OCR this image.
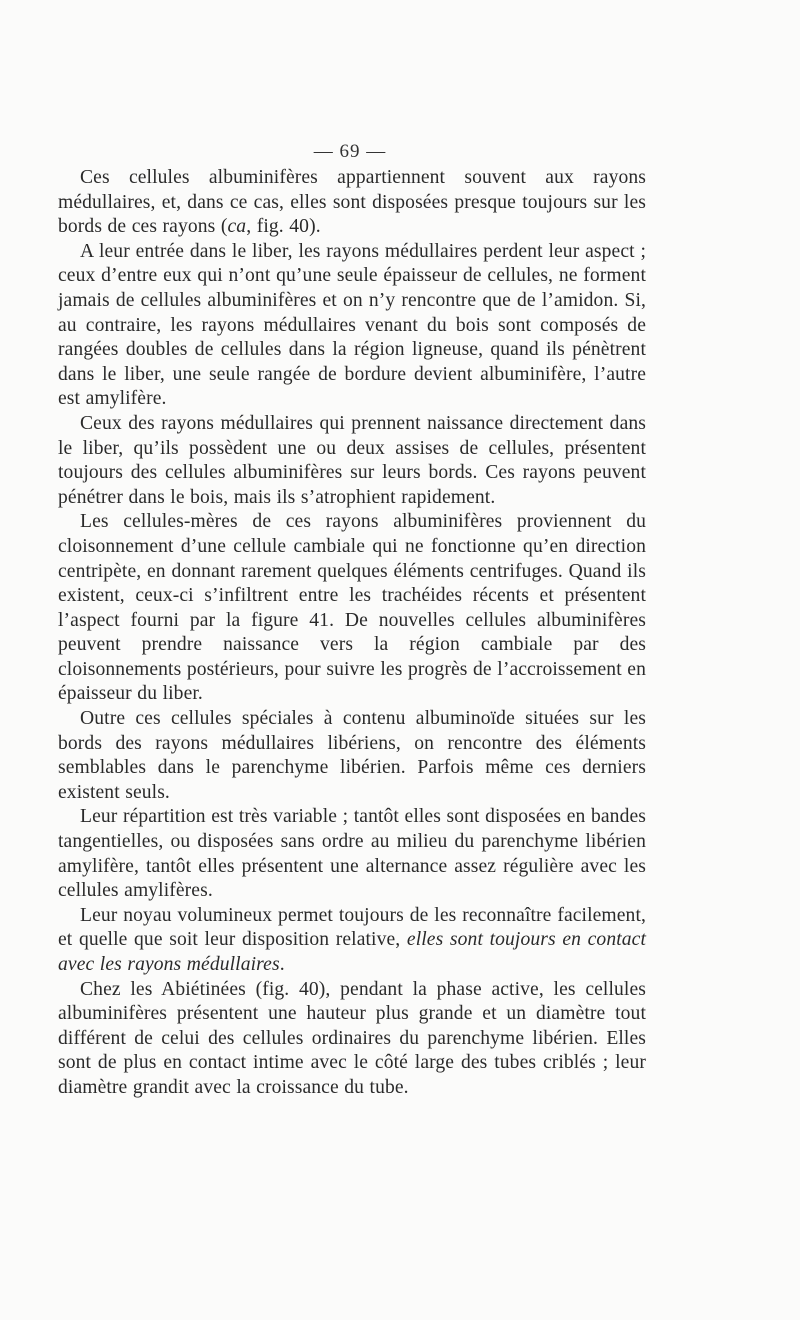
— 69 —

Ces cellules albuminifères appartiennent souvent aux rayons médullaires, et, dans ce cas, elles sont disposées presque toujours sur les bords de ces rayons (ca, fig. 40).

A leur entrée dans le liber, les rayons médullaires perdent leur aspect ; ceux d’entre eux qui n’ont qu’une seule épaisseur de cellules, ne forment jamais de cellules albuminifères et on n’y rencontre que de l’amidon. Si, au contraire, les rayons médullaires venant du bois sont composés de rangées doubles de cellules dans la région ligneuse, quand ils pénètrent dans le liber, une seule rangée de bordure devient albuminifère, l’autre est amylifère.

Ceux des rayons médullaires qui prennent naissance directement dans le liber, qu’ils possèdent une ou deux assises de cellules, présentent toujours des cellules albuminifères sur leurs bords. Ces rayons peuvent pénétrer dans le bois, mais ils s’atrophient rapidement.

Les cellules-mères de ces rayons albuminifères proviennent du cloisonnement d’une cellule cambiale qui ne fonctionne qu’en direction centripète, en donnant rarement quelques éléments centrifuges. Quand ils existent, ceux-ci s’infiltrent entre les trachéides récents et présentent l’aspect fourni par la figure 41. De nouvelles cellules albuminifères peuvent prendre naissance vers la région cambiale par des cloisonnements postérieurs, pour suivre les progrès de l’accroissement en épaisseur du liber.

Outre ces cellules spéciales à contenu albuminoïde situées sur les bords des rayons médullaires libériens, on rencontre des éléments semblables dans le parenchyme libérien. Parfois même ces derniers existent seuls.

Leur répartition est très variable ; tantôt elles sont disposées en bandes tangentielles, ou disposées sans ordre au milieu du parenchyme libérien amylifère, tantôt elles présentent une alternance assez régulière avec les cellules amylifères.

Leur noyau volumineux permet toujours de les reconnaître facilement, et quelle que soit leur disposition relative, elles sont toujours en contact avec les rayons médullaires.

Chez les Abiétinées (fig. 40), pendant la phase active, les cellules albuminifères présentent une hauteur plus grande et un diamètre tout différent de celui des cellules ordinaires du parenchyme libérien. Elles sont de plus en contact intime avec le côté large des tubes criblés ; leur diamètre grandit avec la croissance du tube.
